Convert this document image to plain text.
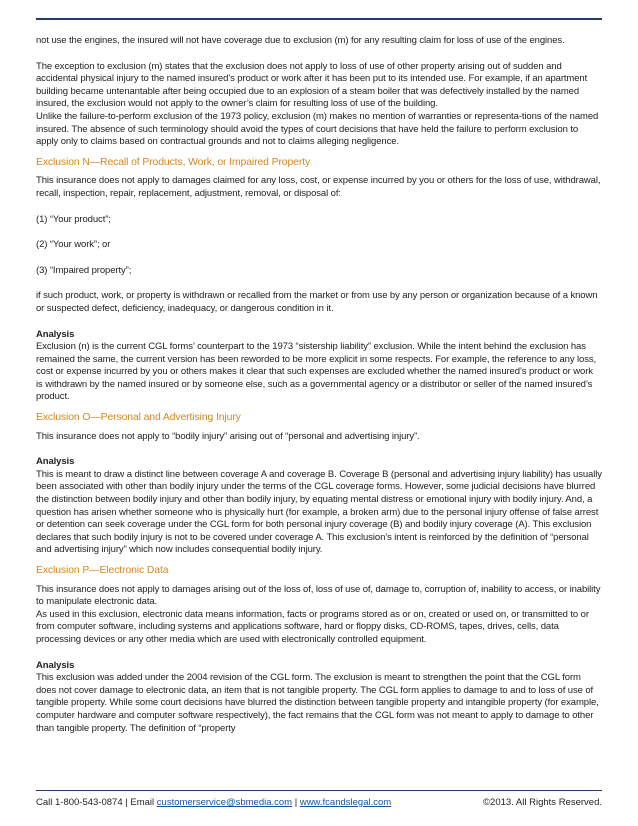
not use the engines, the insured will not have coverage due to exclusion (m) for any resulting claim for loss of use of the engines.

The exception to exclusion (m) states that the exclusion does not apply to loss of use of other property arising out of sudden and accidental physical injury to the named insured’s product or work after it has been put to its intended use. For example, if an apartment building became untenantable after being occupied due to an explosion of a steam boiler that was defectively installed by the named insured, the exclusion would not apply to the owner’s claim for resulting loss of use of the building.

Unlike the failure-to-perform exclusion of the 1973 policy, exclusion (m) makes no mention of warranties or representa-tions of the named insured. The absence of such terminology should avoid the types of court decisions that have held the failure to perform exclusion to apply only to claims based on contractual grounds and not to claims alleging negligence.

Exclusion N—Recall of Products, Work, or Impaired Property

This insurance does not apply to damages claimed for any loss, cost, or expense incurred by you or others for the loss of use, withdrawal, recall, inspection, repair, replacement, adjustment, removal, or disposal of:

(1) “Your product”;

(2) “Your work”; or

(3) “Impaired property”;

if such product, work, or property is withdrawn or recalled from the market or from use by any person or organization because of a known or suspected defect, deficiency, inadequacy, or dangerous condition in it.

Analysis

Exclusion (n) is the current CGL forms’ counterpart to the 1973 “sistership liability” exclusion. While the intent behind the exclusion has remained the same, the current version has been reworded to be more explicit in some respects. For example, the reference to any loss, cost or expense incurred by you or others makes it clear that such expenses are excluded whether the named insured’s product or work is withdrawn by the named insured or by someone else, such as a governmental agency or a distributor or seller of the named insured’s product.

Exclusion O—Personal and Advertising Injury

This insurance does not apply to “bodily injury” arising out of “personal and advertising injury”.

Analysis

This is meant to draw a distinct line between coverage A and coverage B. Coverage B (personal and advertising injury liability) has usually been associated with other than bodily injury under the terms of the CGL coverage forms. However, some judicial decisions have blurred the distinction between bodily injury and other than bodily injury, by equating mental distress or emotional injury with bodily injury. And, a question has arisen whether someone who is physically hurt (for example, a broken arm) due to the personal injury offense of false arrest or detention can seek coverage under the CGL form for both personal injury coverage (B) and bodily injury coverage (A). This exclusion declares that such bodily injury is not to be covered under coverage A. This exclusion’s intent is reinforced by the definition of “personal and advertising injury” which now includes consequential bodily injury.

Exclusion P—Electronic Data

This insurance does not apply to damages arising out of the loss of, loss of use of, damage to, corruption of, inability to access, or inability to manipulate electronic data.

As used in this exclusion, electronic data means information, facts or programs stored as or on, created or used on, or transmitted to or from computer software, including systems and applications software, hard or floppy disks, CD-ROMS, tapes, drives, cells, data processing devices or any other media which are used with electronically controlled equipment.

Analysis

This exclusion was added under the 2004 revision of the CGL form. The exclusion is meant to strengthen the point that the CGL form does not cover damage to electronic data, an item that is not tangible property. The CGL form applies to damage to and to loss of use of tangible property. While some court decisions have blurred the distinction between tangible property and intangible property (for example, computer hardware and computer software respectively), the fact remains that the CGL form was not meant to apply to damage to other than tangible property. The definition of “property

Call 1-800-543-0874 | Email customerservice@sbmedia.com | www.fcandslegal.com	©2013. All Rights Reserved.
